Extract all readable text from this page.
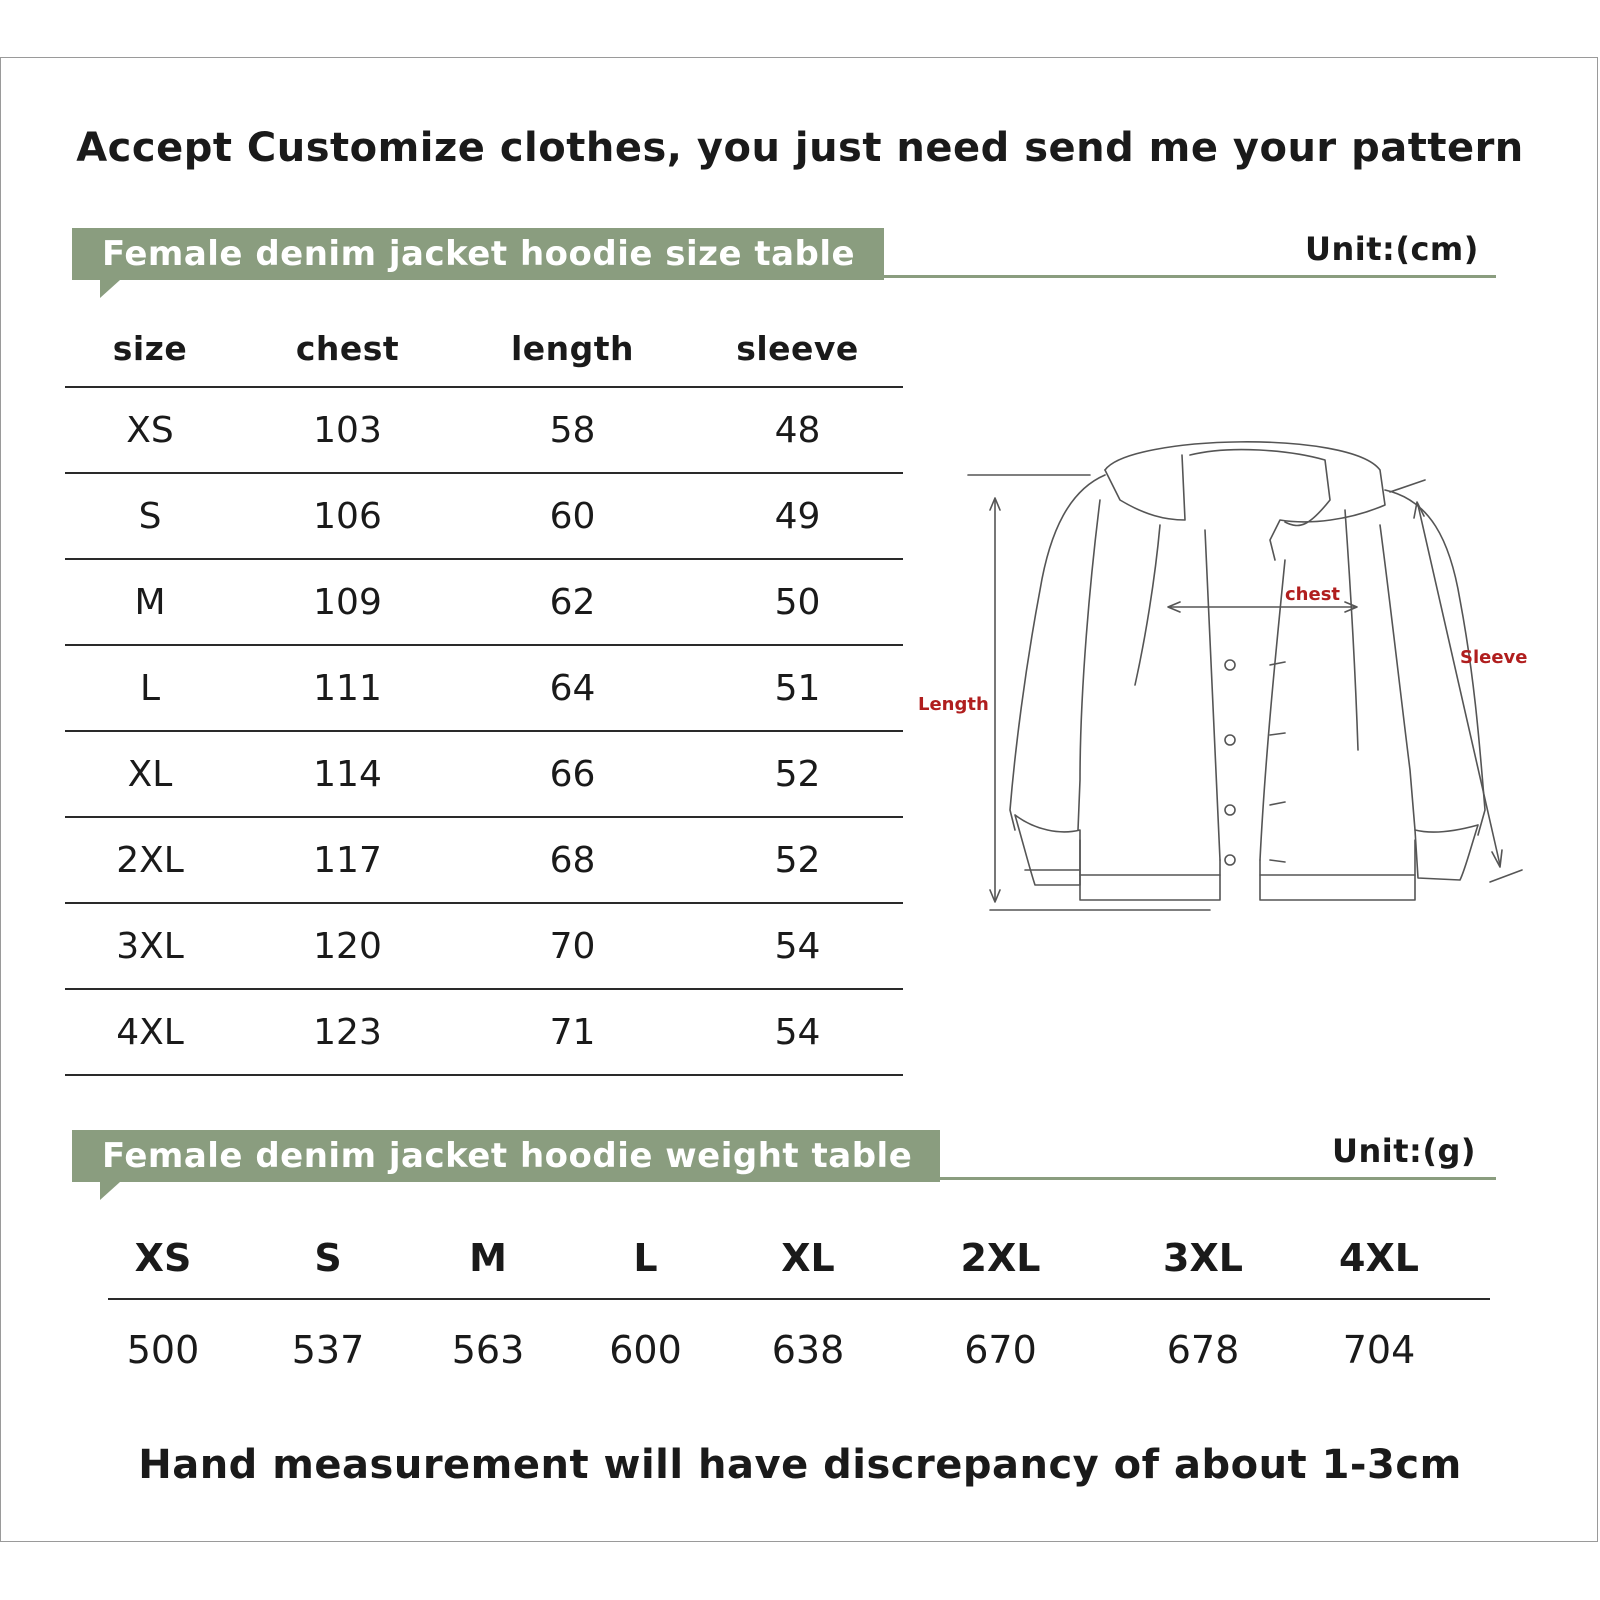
Accept Customize clothes, you just need send me your pattern
Female denim jacket hoodie size table	Unit:(cm)
size	chest	length	sleeve
XS	103	58	48
S	106	60	49
M	109	62	50
L	111	64	51
XL	114	66	52
2XL	117	68	52
3XL	120	70	54
4XL	123	71	54
chest
Length
Sleeve
Female denim jacket hoodie weight table	Unit:(g)
XS	S	M	L	XL	2XL	3XL	4XL
500	537	563	600	638	670	678	704
Hand measurement will have discrepancy of about 1-3cm
